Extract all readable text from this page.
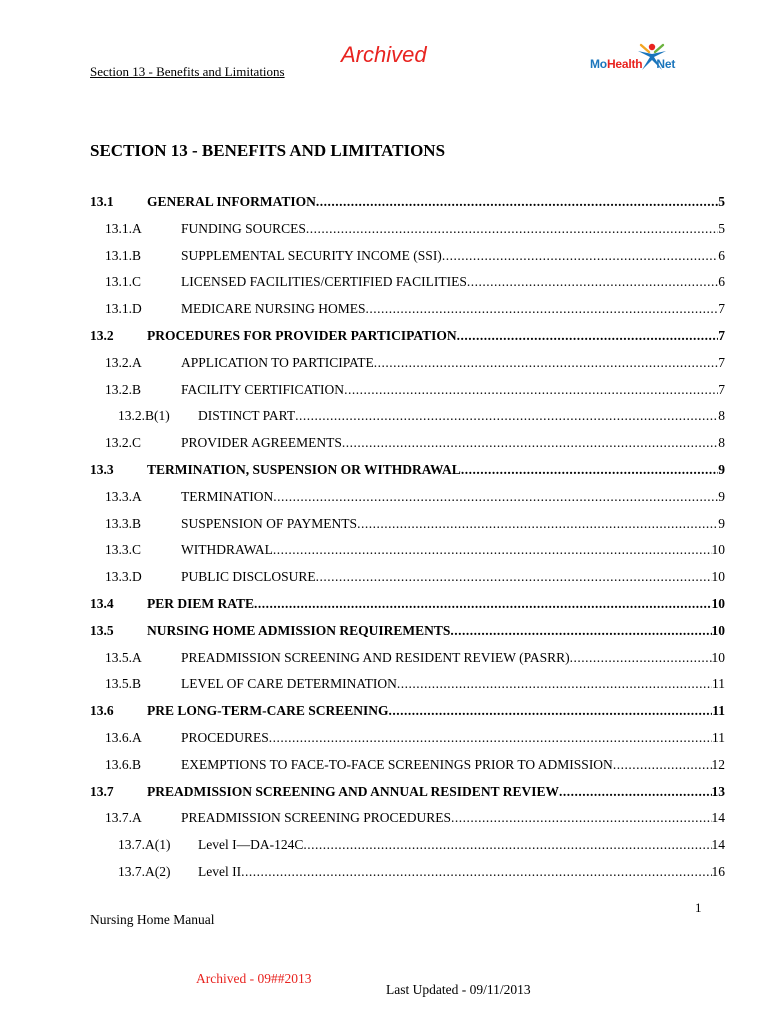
Section 13 - Benefits and Limitations
Archived	MoHealth Net
SECTION 13 - BENEFITS AND LIMITATIONS
13.1 GENERAL INFORMATION .....	5
13.1.A	FUNDING SOURCES .....	5
13.1.B	SUPPLEMENTAL SECURITY INCOME (SSI) .....	6
13.1.C	LICENSED FACILITIES/CERTIFIED FACILITIES .....	6
13.1.D	MEDICARE NURSING HOMES .....	7
13.2 PROCEDURES FOR PROVIDER PARTICIPATION .....	7
13.2.A	APPLICATION TO PARTICIPATE .....	7
13.2.B	FACILITY CERTIFICATION .....	7
13.2.B(1) DISTINCT PART .....	8
13.2.C	PROVIDER AGREEMENTS .....	8
13.3 TERMINATION, SUSPENSION OR WITHDRAWAL .....	9
13.3.A	TERMINATION .....	9
13.3.B	SUSPENSION OF PAYMENTS .....	9
13.3.C	WITHDRAWAL .....	10
13.3.D	PUBLIC DISCLOSURE .....	10
13.4 PER DIEM RATE .....	10
13.5 NURSING HOME ADMISSION REQUIREMENTS .....	10
13.5.A	PREADMISSION SCREENING AND RESIDENT REVIEW (PASRR) .....	10
13.5.B	LEVEL OF CARE DETERMINATION .....	11
13.6 PRE LONG-TERM-CARE SCREENING .....	11
13.6.A	PROCEDURES .....	11
13.6.B	EXEMPTIONS TO FACE-TO-FACE SCREENINGS PRIOR TO ADMISSION .....	12
13.7 PREADMISSION SCREENING AND ANNUAL RESIDENT REVIEW .....	13
13.7.A	PREADMISSION SCREENING PROCEDURES .....	14
13.7.A(1) Level I—DA-124C .....	14
13.7.A(2) Level II .....	16
1
Nursing Home Manual
Archived - 09##2013
Last Updated - 09/11/2013
